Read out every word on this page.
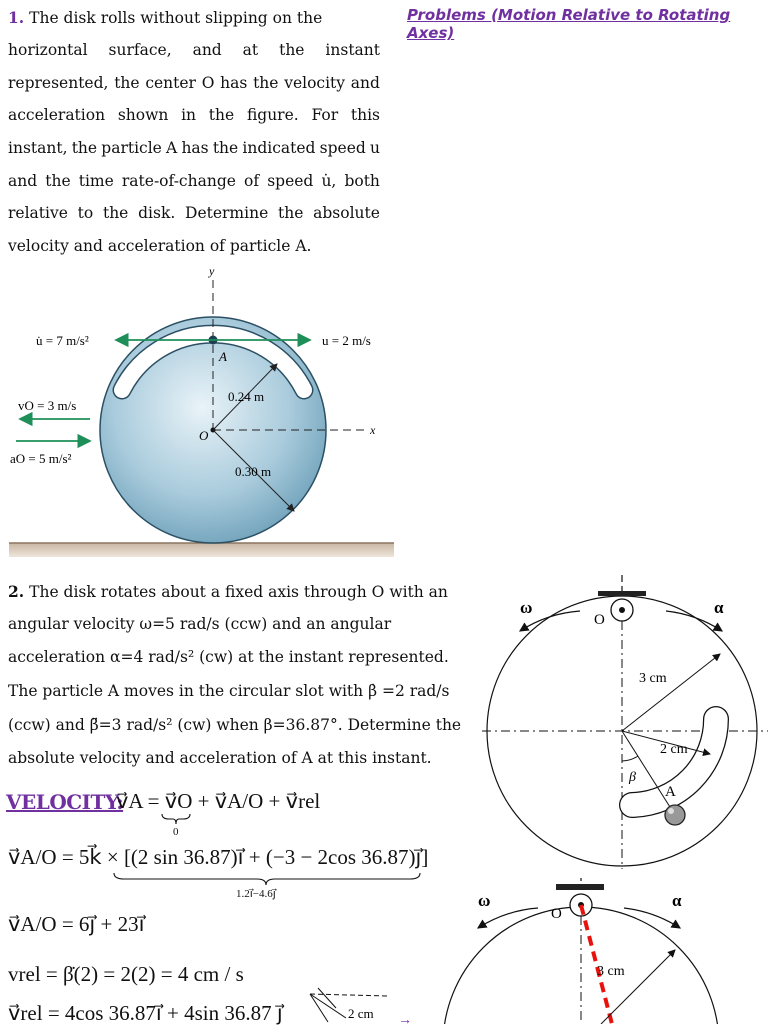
Problems (Motion Relative to Rotating Axes)
1. The disk rolls without slipping on the
horizontal surface, and at the instant
represented, the center O has the velocity and
acceleration shown in the figure. For this
instant, the particle A has the indicated speed u
and the time rate-of-change of speed u̇, both
relative to the disk. Determine the absolute
velocity and acceleration of particle A.
y
x
A
u̇ = 7 m/s²	u = 2 m/s
O
0.24 m
0.30 m
vO = 3 m/s
aO = 5 m/s²
2. The disk rotates about a fixed axis through O with an
angular velocity ω=5 rad/s (ccw) and an angular
acceleration α=4 rad/s² (cw) at the instant represented.
The particle A moves in the circular slot with β̇ =2 rad/s
(ccw) and β̈=3 rad/s² (cw) when β=36.87°. Determine the
absolute velocity and acceleration of A at this instant.
O
ω	α
3 cm
2 cm
β
A
O
ω	α
3 cm
VELOCITY:
v⃗A = v⃗O + v⃗A/O + v⃗rel
0
v⃗A/O = 5k⃗ × [(2 sin 36.87)i⃗ + (−3 − 2cos 36.87)j⃗]
1.2i⃗−4.6j⃗
v⃗A/O = 6j⃗ + 23i⃗
vrel = β̇(2) = 2(2) = 4 cm / s
v⃗rel = 4cos 36.87i⃗ + 4sin 36.87 j⃗	2 cm →
